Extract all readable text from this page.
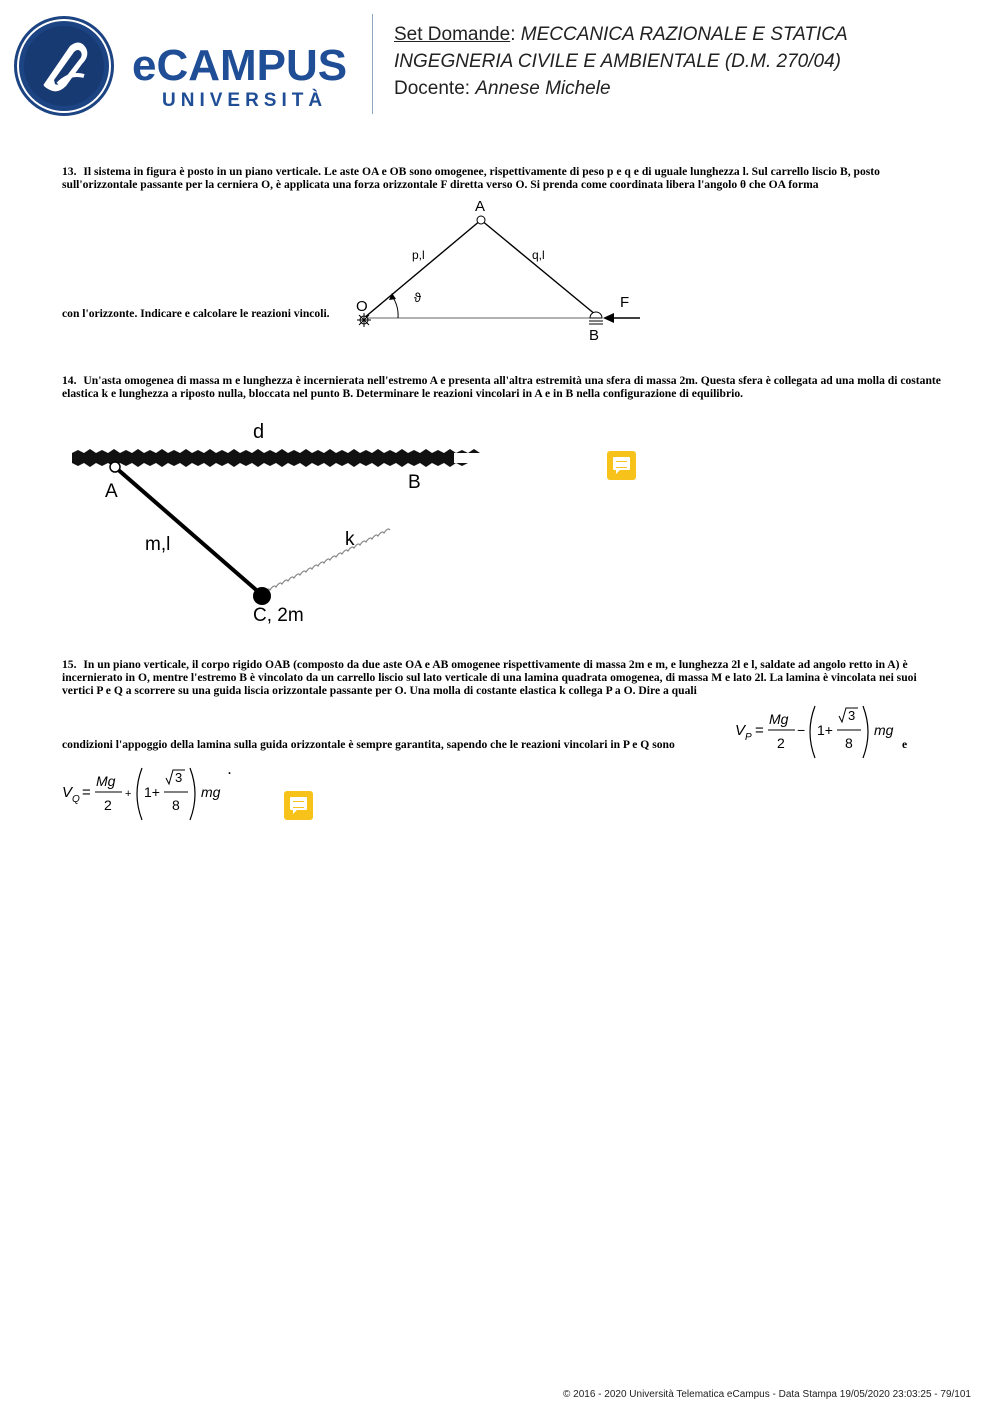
eCAMPUS
UNIVERSITÀ
Set Domande: MECCANICA RAZIONALE E STATICA
INGEGNERIA CIVILE E AMBIENTALE (D.M. 270/04)
Docente: Annese Michele
13. Il sistema in figura è posto in un piano verticale. Le aste OA e OB sono omogenee, rispettivamente di peso p e q e di uguale lunghezza l. Sul carrello liscio B, posto sull'orizzontale passante per la cerniera O, è applicata una forza orizzontale F diretta verso O. Si prenda come coordinata libera l'angolo θ che OA forma
con l'orizzonte. Indicare e calcolare le reazioni vincoli.
A
O
B
F
p,l	q,l
ϑ
14. Un'asta omogenea di massa m e lunghezza è incernierata nell'estremo A e presenta all'altra estremità una sfera di massa 2m. Questa sfera è collegata ad una molla di costante elastica k e lunghezza a riposto nulla, bloccata nel punto B. Determinare le reazioni vincolari in A e in B nella configurazione di equilibrio.
d
A	B
m,l	k
C, 2m
15. In un piano verticale, il corpo rigido OAB (composto da due aste OA e AB omogenee rispettivamente di massa 2m e m, e lunghezza 2l e l, saldate ad angolo retto in A) è incernierato in O, mentre l'estremo B è vincolato da un carrello liscio sul lato verticale di una lamina quadrata omogenea, di massa M e lato 2l. La lamina è vincolata nei suoi vertici P e Q a scorrere su una guida liscia orizzontale passante per O. Una molla di costante elastica k collega P a O. Dire a quali
condizioni l'appoggio della lamina sulla guida orizzontale è sempre garantita, sapendo che le reazioni vincolari in P e Q sono
V P =
Mg
2
− 1+
3
8
mg
e
.
V Q =
Mg
2
+ 1+
3
8
mg
© 2016 - 2020 Università Telematica eCampus - Data Stampa 19/05/2020 23:03:25 - 79/101
